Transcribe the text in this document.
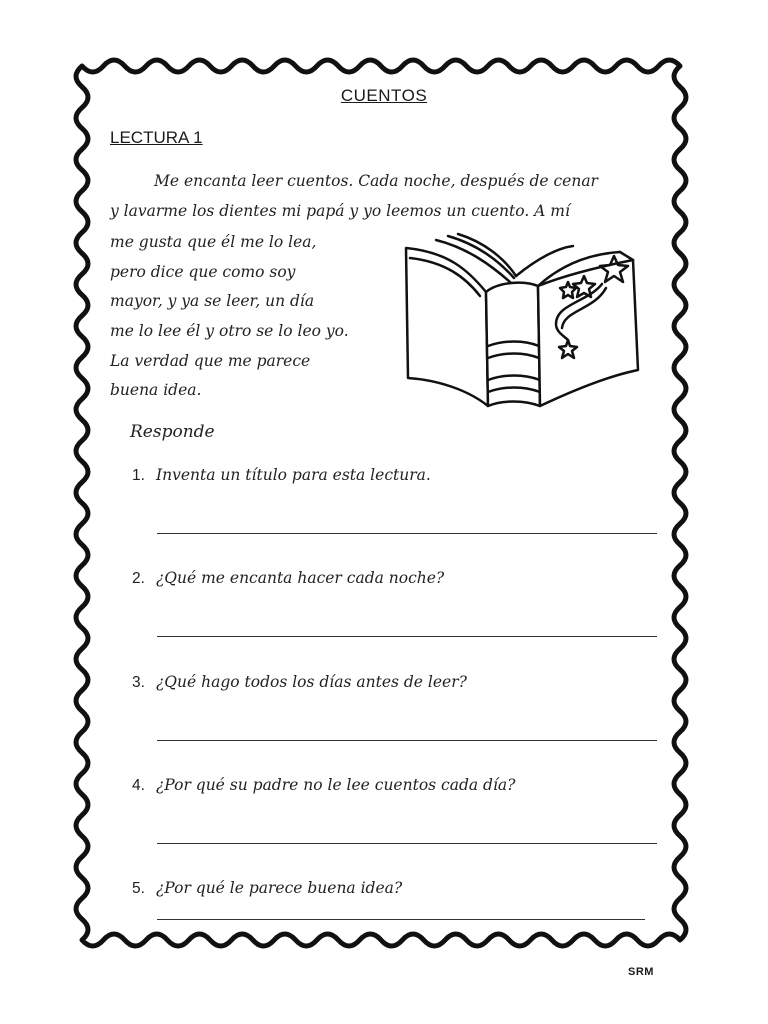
CUENTOS
LECTURA 1
Me encanta leer cuentos. Cada noche, después de cenar
y lavarme los dientes mi papá y yo leemos un cuento. A mí
me gusta que él me lo lea,
pero dice que como soy
mayor, y ya se leer, un día
me lo lee él y otro se lo leo yo.
La verdad que me parece
buena idea.
Responde
1. Inventa un título para esta lectura.
2. ¿Qué me encanta hacer cada noche?
3. ¿Qué hago todos los días antes de leer?
4. ¿Por qué su padre no le lee cuentos cada día?
5. ¿Por qué le parece buena idea?
SRM
